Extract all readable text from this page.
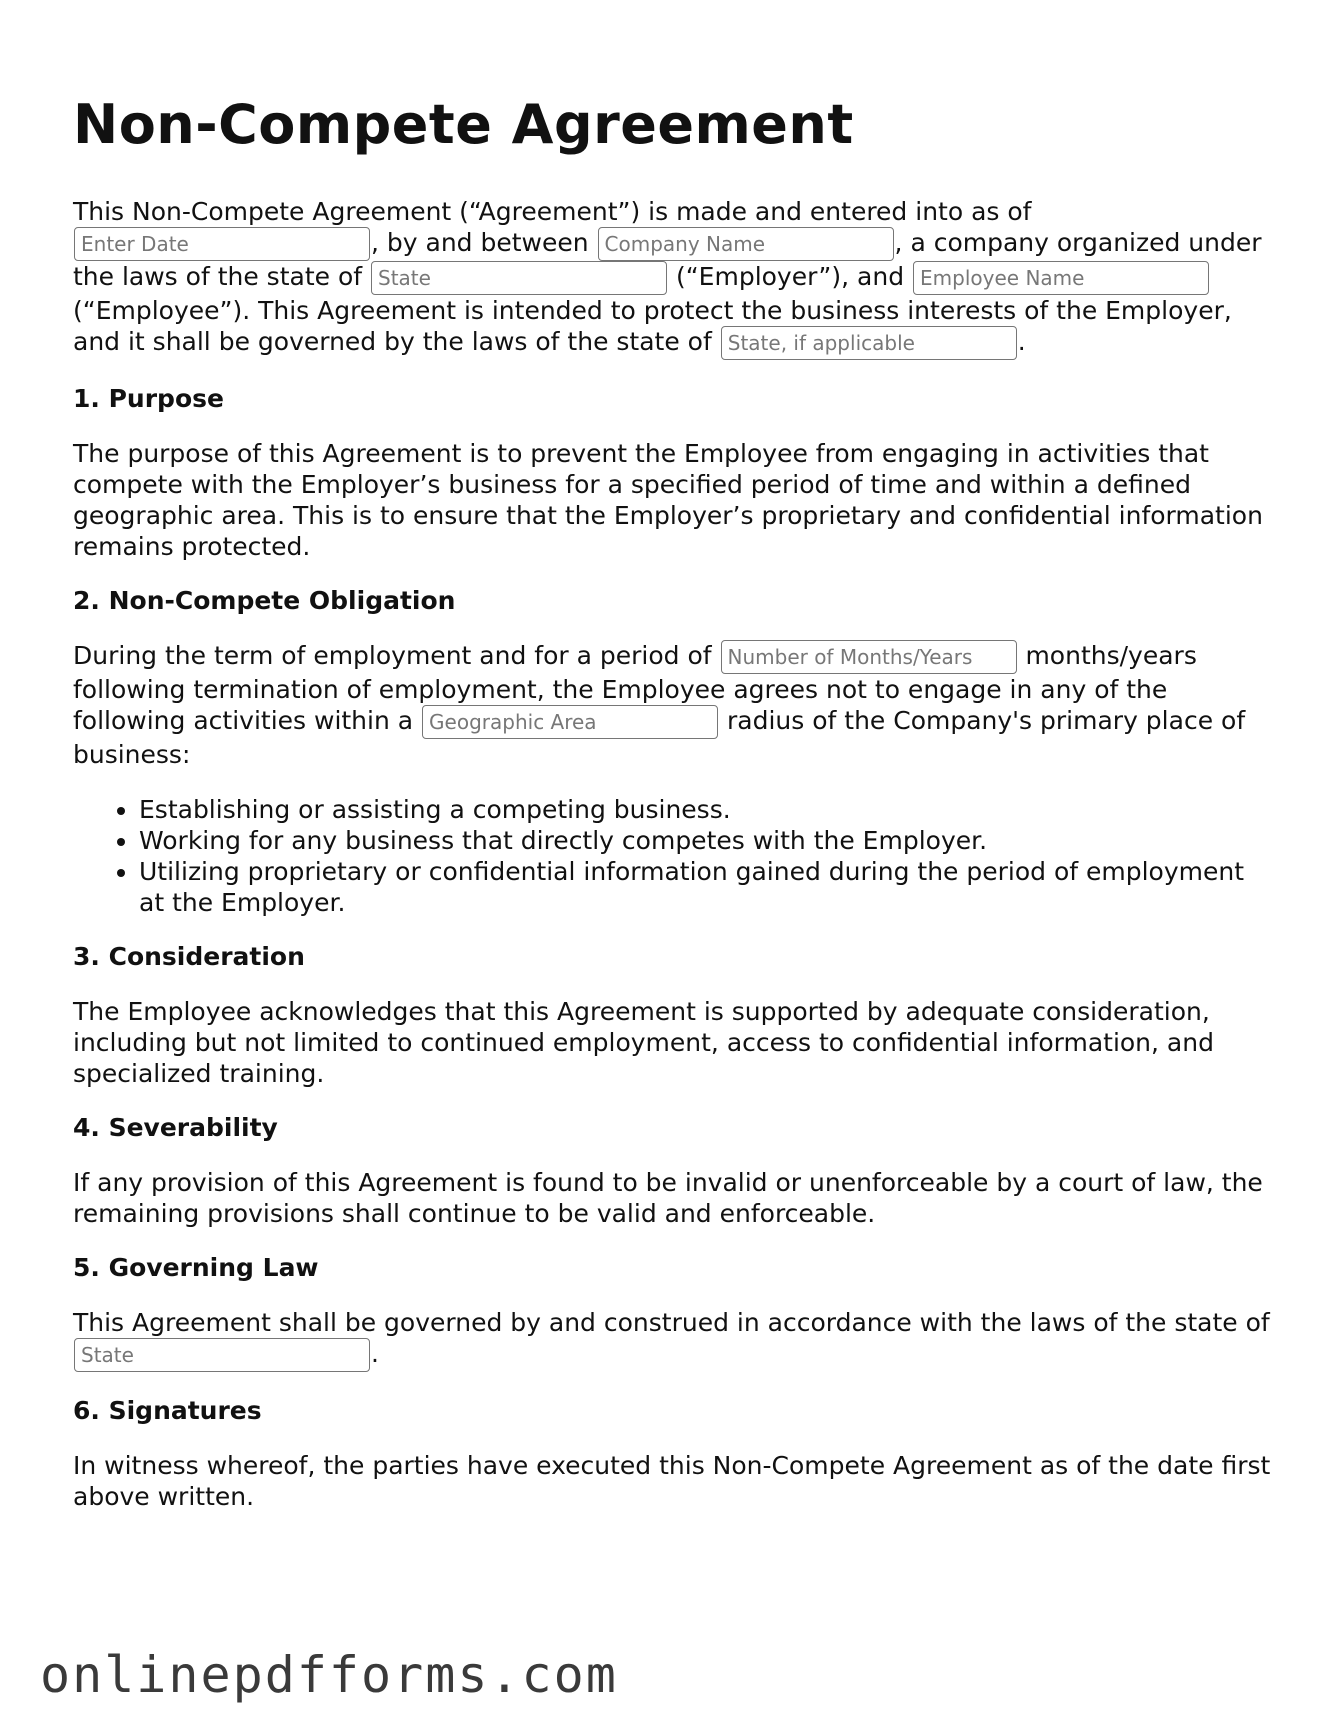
Non-Compete Agreement

This Non-Compete Agreement (“Agreement”) is made and entered into as of Enter Date, by and between Company Name	, a company organized under the laws of the state of State	(“Employer”), and Employee Name (“Employee”). This Agreement is intended to protect the business interests of the Employer, and it shall be governed by the laws of the state of State, if applicable	.

1. Purpose

The purpose of this Agreement is to prevent the Employee from engaging in activities that compete with the Employer’s business for a specified period of time and within a defined geographic area. This is to ensure that the Employer’s proprietary and confidential information remains protected.

2. Non-Compete Obligation

During the term of employment and for a period of Number of Months/Years	months/years following termination of employment, the Employee agrees not to engage in any of the following activities within a Geographic Area	radius of the Company's primary place of business:

• Establishing or assisting a competing business.
• Working for any business that directly competes with the Employer.
• Utilizing proprietary or confidential information gained during the period of employment at the Employer.
3. Consideration

The Employee acknowledges that this Agreement is supported by adequate consideration, including but not limited to continued employment, access to confidential information, and specialized training.

4. Severability

If any provision of this Agreement is found to be invalid or unenforceable by a court of law, the remaining provisions shall continue to be valid and enforceable.

5. Governing Law

This Agreement shall be governed by and construed in accordance with the laws of the state of State.

6. Signatures

In witness whereof, the parties have executed this Non-Compete Agreement as of the date first above written.

onlinepdfforms.com
